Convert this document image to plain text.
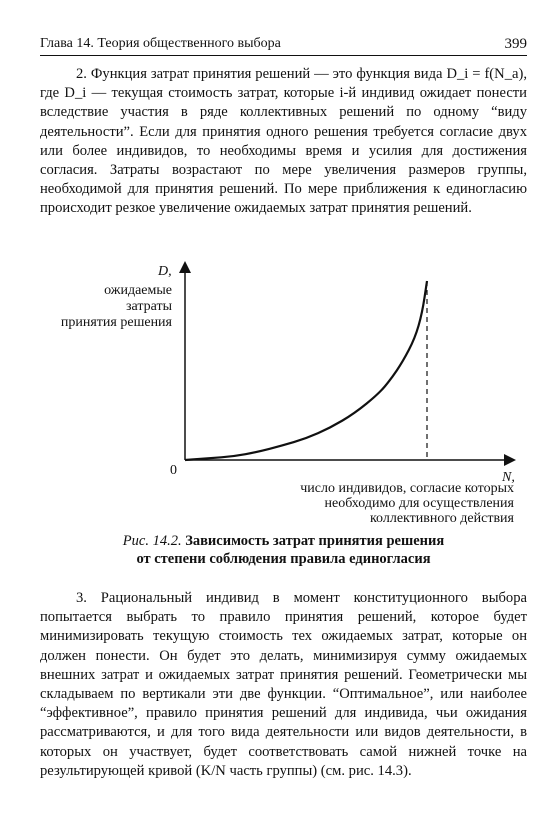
Глава 14. Теория общественного выбора	399

2. Функция затрат принятия решений — это функция вида D_i = f(N_a), где D_i — текущая стоимость затрат, которые i-й индивид ожидает понести вследствие участия в ряде коллективных решений по одному “виду деятельности”. Если для принятия одного решения требуется согласие двух или более индивидов, то необходимы время и усилия для достижения согласия. Затраты возрастают по мере увеличения размеров группы, необходимой для принятия решений. По мере приближения к единогласию происходит резкое увеличение ожидаемых затрат принятия решений.

D,
ожидаемые
затраты
принятия решения
0	N,
число индивидов, согласие которых
необходимо для осуществления
коллективного действия
Рис. 14.2. Зависимость затрат принятия решения
от степени соблюдения правила единогласия

3. Рациональный индивид в момент конституционного выбора попытается выбрать то правило принятия решений, которое будет минимизировать текущую стоимость тех ожидаемых затрат, которые он должен понести. Он будет это делать, минимизируя сумму ожидаемых внешних затрат и ожидаемых затрат принятия решений. Геометрически мы складываем по вертикали эти две функции. “Оптимальное”, или наиболее “эффективное”, правило принятия решений для индивида, чьи ожидания рассматриваются, и для того вида деятельности или видов деятельности, в которых он участвует, будет соответствовать самой нижней точке на результирующей кривой (K/N часть группы) (см. рис. 14.3).
